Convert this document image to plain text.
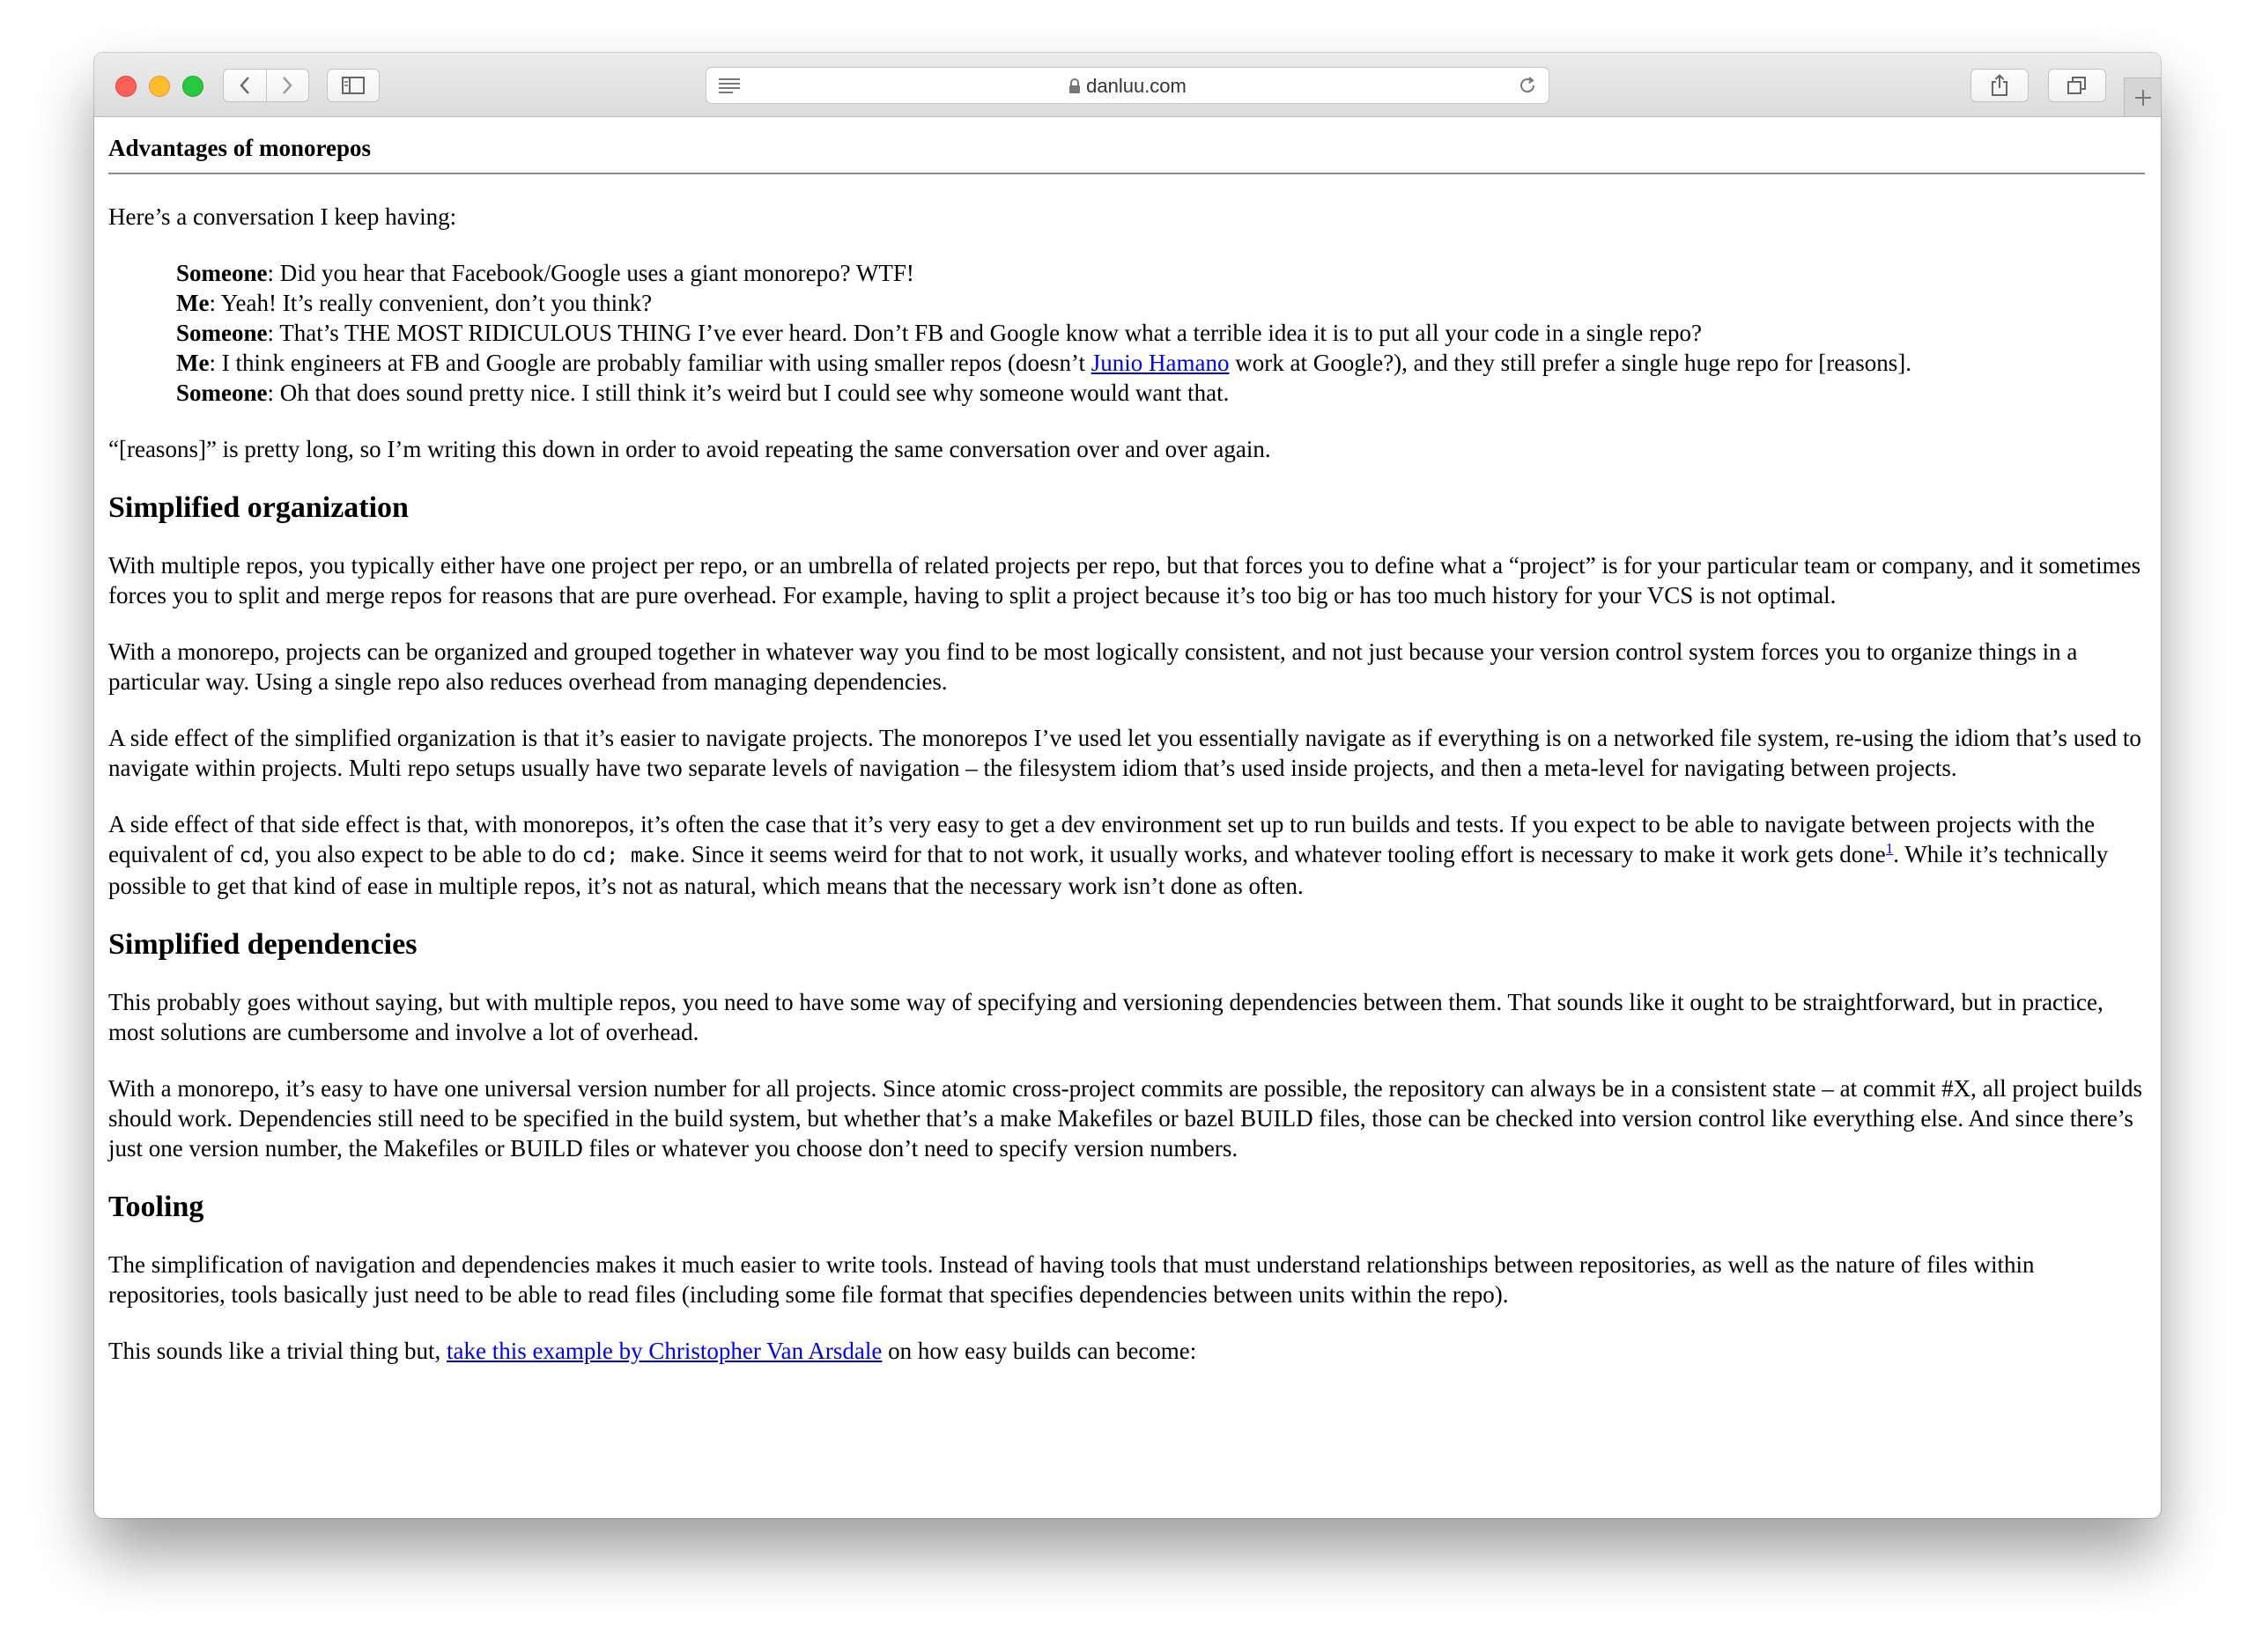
danluu.com
Advantages of monorepos

Here’s a conversation I keep having:

Someone: Did you hear that Facebook/Google uses a giant monorepo? WTF!
Me: Yeah! It’s really convenient, don’t you think?
Someone: That’s THE MOST RIDICULOUS THING I’ve ever heard. Don’t FB and Google know what a terrible idea it is to put all your code in a single repo?
Me: I think engineers at FB and Google are probably familiar with using smaller repos (doesn’t Junio Hamano work at Google?), and they still prefer a single huge repo for [reasons].
Someone: Oh that does sound pretty nice. I still think it’s weird but I could see why someone would want that.

“[reasons]” is pretty long, so I’m writing this down in order to avoid repeating the same conversation over and over again.

Simplified organization

With multiple repos, you typically either have one project per repo, or an umbrella of related projects per repo, but that forces you to define what a “project” is for your particular team or company, and it sometimes forces you to split and merge repos for reasons that are pure overhead. For example, having to split a project because it’s too big or has too much history for your VCS is not optimal.

With a monorepo, projects can be organized and grouped together in whatever way you find to be most logically consistent, and not just because your version control system forces you to organize things in a particular way. Using a single repo also reduces overhead from managing dependencies.

A side effect of the simplified organization is that it’s easier to navigate projects. The monorepos I’ve used let you essentially navigate as if everything is on a networked file system, re-using the idiom that’s used to navigate within projects. Multi repo setups usually have two separate levels of navigation – the filesystem idiom that’s used inside projects, and then a meta-level for navigating between projects.

A side effect of that side effect is that, with monorepos, it’s often the case that it’s very easy to get a dev environment set up to run builds and tests. If you expect to be able to navigate between projects with the equivalent of cd, you also expect to be able to do cd; make. Since it seems weird for that to not work, it usually works, and whatever tooling effort is necessary to make it work gets done$^1$. While it’s technically possible to get that kind of ease in multiple repos, it’s not as natural, which means that the necessary work isn’t done as often.

Simplified dependencies

This probably goes without saying, but with multiple repos, you need to have some way of specifying and versioning dependencies between them. That sounds like it ought to be straightforward, but in practice, most solutions are cumbersome and involve a lot of overhead.

With a monorepo, it’s easy to have one universal version number for all projects. Since atomic cross-project commits are possible, the repository can always be in a consistent state – at commit #X, all project builds should work. Dependencies still need to be specified in the build system, but whether that’s a make Makefiles or bazel BUILD files, those can be checked into version control like everything else. And since there’s just one version number, the Makefiles or BUILD files or whatever you choose don’t need to specify version numbers.

Tooling

The simplification of navigation and dependencies makes it much easier to write tools. Instead of having tools that must understand relationships between repositories, as well as the nature of files within repositories, tools basically just need to be able to read files (including some file format that specifies dependencies between units within the repo).

This sounds like a trivial thing but, take this example by Christopher Van Arsdale on how easy builds can become:
